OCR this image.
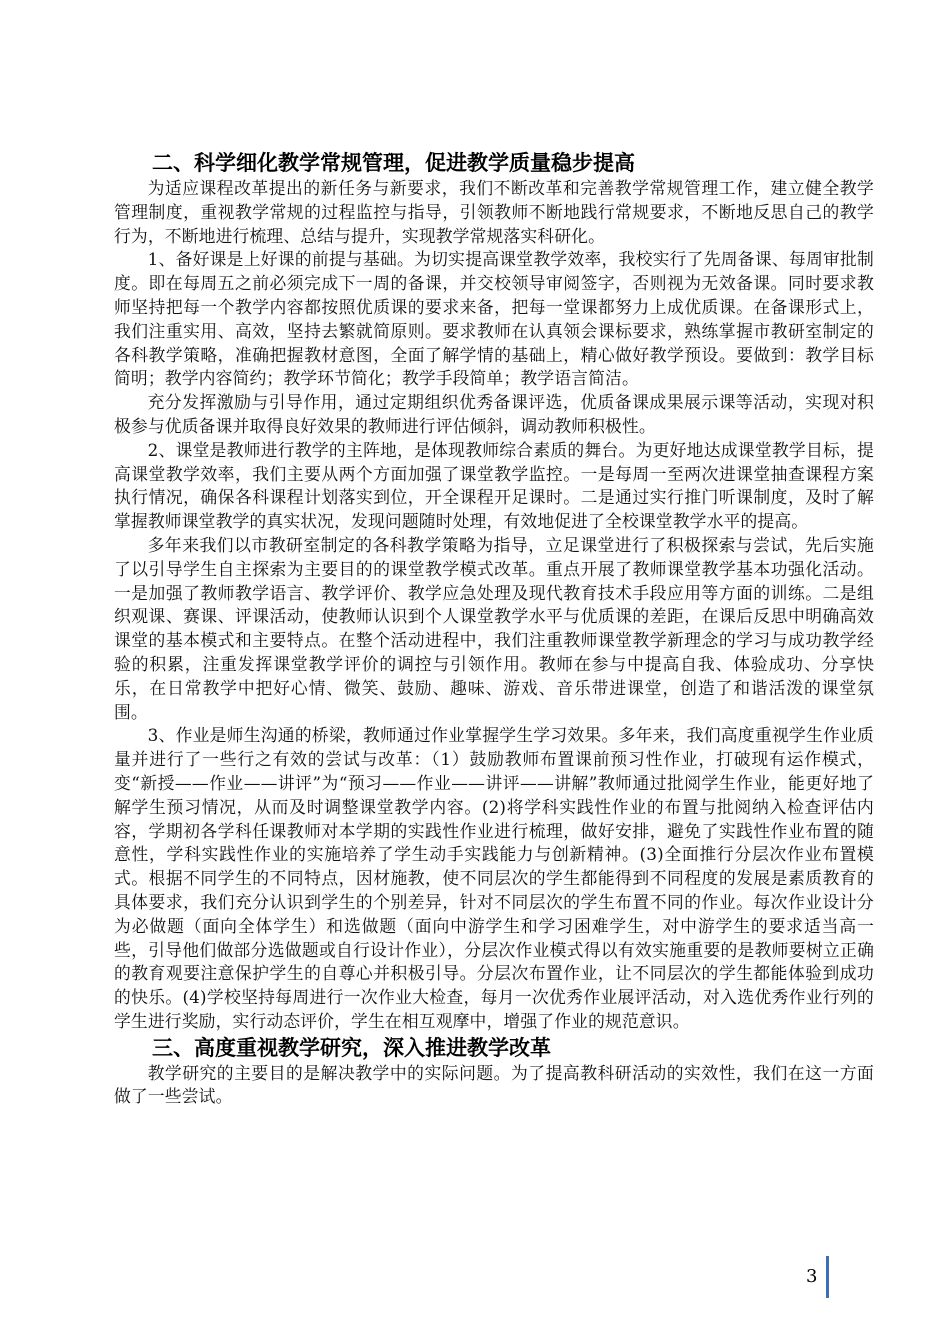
二、科学细化教学常规管理，促进教学质量稳步提高

为适应课程改革提出的新任务与新要求，我们不断改革和完善教学常规管理工作，建立健全教学管理制度，重视教学常规的过程监控与指导，引领教师不断地践行常规要求，不断地反思自己的教学行为，不断地进行梳理、总结与提升，实现教学常规落实科研化。

1、备好课是上好课的前提与基础。为切实提高课堂教学效率，我校实行了先周备课、每周审批制度。即在每周五之前必须完成下一周的备课，并交校领导审阅签字，否则视为无效备课。同时要求教师坚持把每一个教学内容都按照优质课的要求来备，把每一堂课都努力上成优质课。在备课形式上，我们注重实用、高效，坚持去繁就简原则。要求教师在认真领会课标要求，熟练掌握市教研室制定的各科教学策略，准确把握教材意图，全面了解学情的基础上，精心做好教学预设。要做到：教学目标简明；教学内容简约；教学环节简化；教学手段简单；教学语言简洁。

充分发挥激励与引导作用，通过定期组织优秀备课评选，优质备课成果展示课等活动，实现对积极参与优质备课并取得良好效果的教师进行评估倾斜，调动教师积极性。

2、课堂是教师进行教学的主阵地，是体现教师综合素质的舞台。为更好地达成课堂教学目标，提高课堂教学效率，我们主要从两个方面加强了课堂教学监控。一是每周一至两次进课堂抽查课程方案执行情况，确保各科课程计划落实到位，开全课程开足课时。二是通过实行推门听课制度，及时了解掌握教师课堂教学的真实状况，发现问题随时处理，有效地促进了全校课堂教学水平的提高。

多年来我们以市教研室制定的各科教学策略为指导，立足课堂进行了积极探索与尝试，先后实施了以引导学生自主探索为主要目的的课堂教学模式改革。重点开展了教师课堂教学基本功强化活动。一是加强了教师教学语言、教学评价、教学应急处理及现代教育技术手段应用等方面的训练。二是组织观课、赛课、评课活动，使教师认识到个人课堂教学水平与优质课的差距，在课后反思中明确高效课堂的基本模式和主要特点。在整个活动进程中，我们注重教师课堂教学新理念的学习与成功教学经验的积累，注重发挥课堂教学评价的调控与引领作用。教师在参与中提高自我、体验成功、分享快乐，在日常教学中把好心情、微笑、鼓励、趣味、游戏、音乐带进课堂，创造了和谐活泼的课堂氛围。

3、作业是师生沟通的桥梁，教师通过作业掌握学生学习效果。多年来，我们高度重视学生作业质量并进行了一些行之有效的尝试与改革：（1）鼓励教师布置课前预习性作业，打破现有运作模式，变“新授——作业——讲评”为“预习——作业——讲评——讲解”教师通过批阅学生作业，能更好地了解学生预习情况，从而及时调整课堂教学内容。(2)将学科实践性作业的布置与批阅纳入检查评估内容，学期初各学科任课教师对本学期的实践性作业进行梳理，做好安排，避免了实践性作业布置的随意性，学科实践性作业的实施培养了学生动手实践能力与创新精神。(3)全面推行分层次作业布置模式。根据不同学生的不同特点，因材施教，使不同层次的学生都能得到不同程度的发展是素质教育的具体要求，我们充分认识到学生的个别差异，针对不同层次的学生布置不同的作业。每次作业设计分为必做题（面向全体学生）和选做题（面向中游学生和学习困难学生，对中游学生的要求适当高一些，引导他们做部分选做题或自行设计作业），分层次作业模式得以有效实施重要的是教师要树立正确的教育观要注意保护学生的自尊心并积极引导。分层次布置作业，让不同层次的学生都能体验到成功的快乐。(4)学校坚持每周进行一次作业大检查，每月一次优秀作业展评活动，对入选优秀作业行列的学生进行奖励，实行动态评价，学生在相互观摩中，增强了作业的规范意识。

三、高度重视教学研究，深入推进教学改革

教学研究的主要目的是解决教学中的实际问题。为了提高教科研活动的实效性，我们在这一方面做了一些尝试。

3
